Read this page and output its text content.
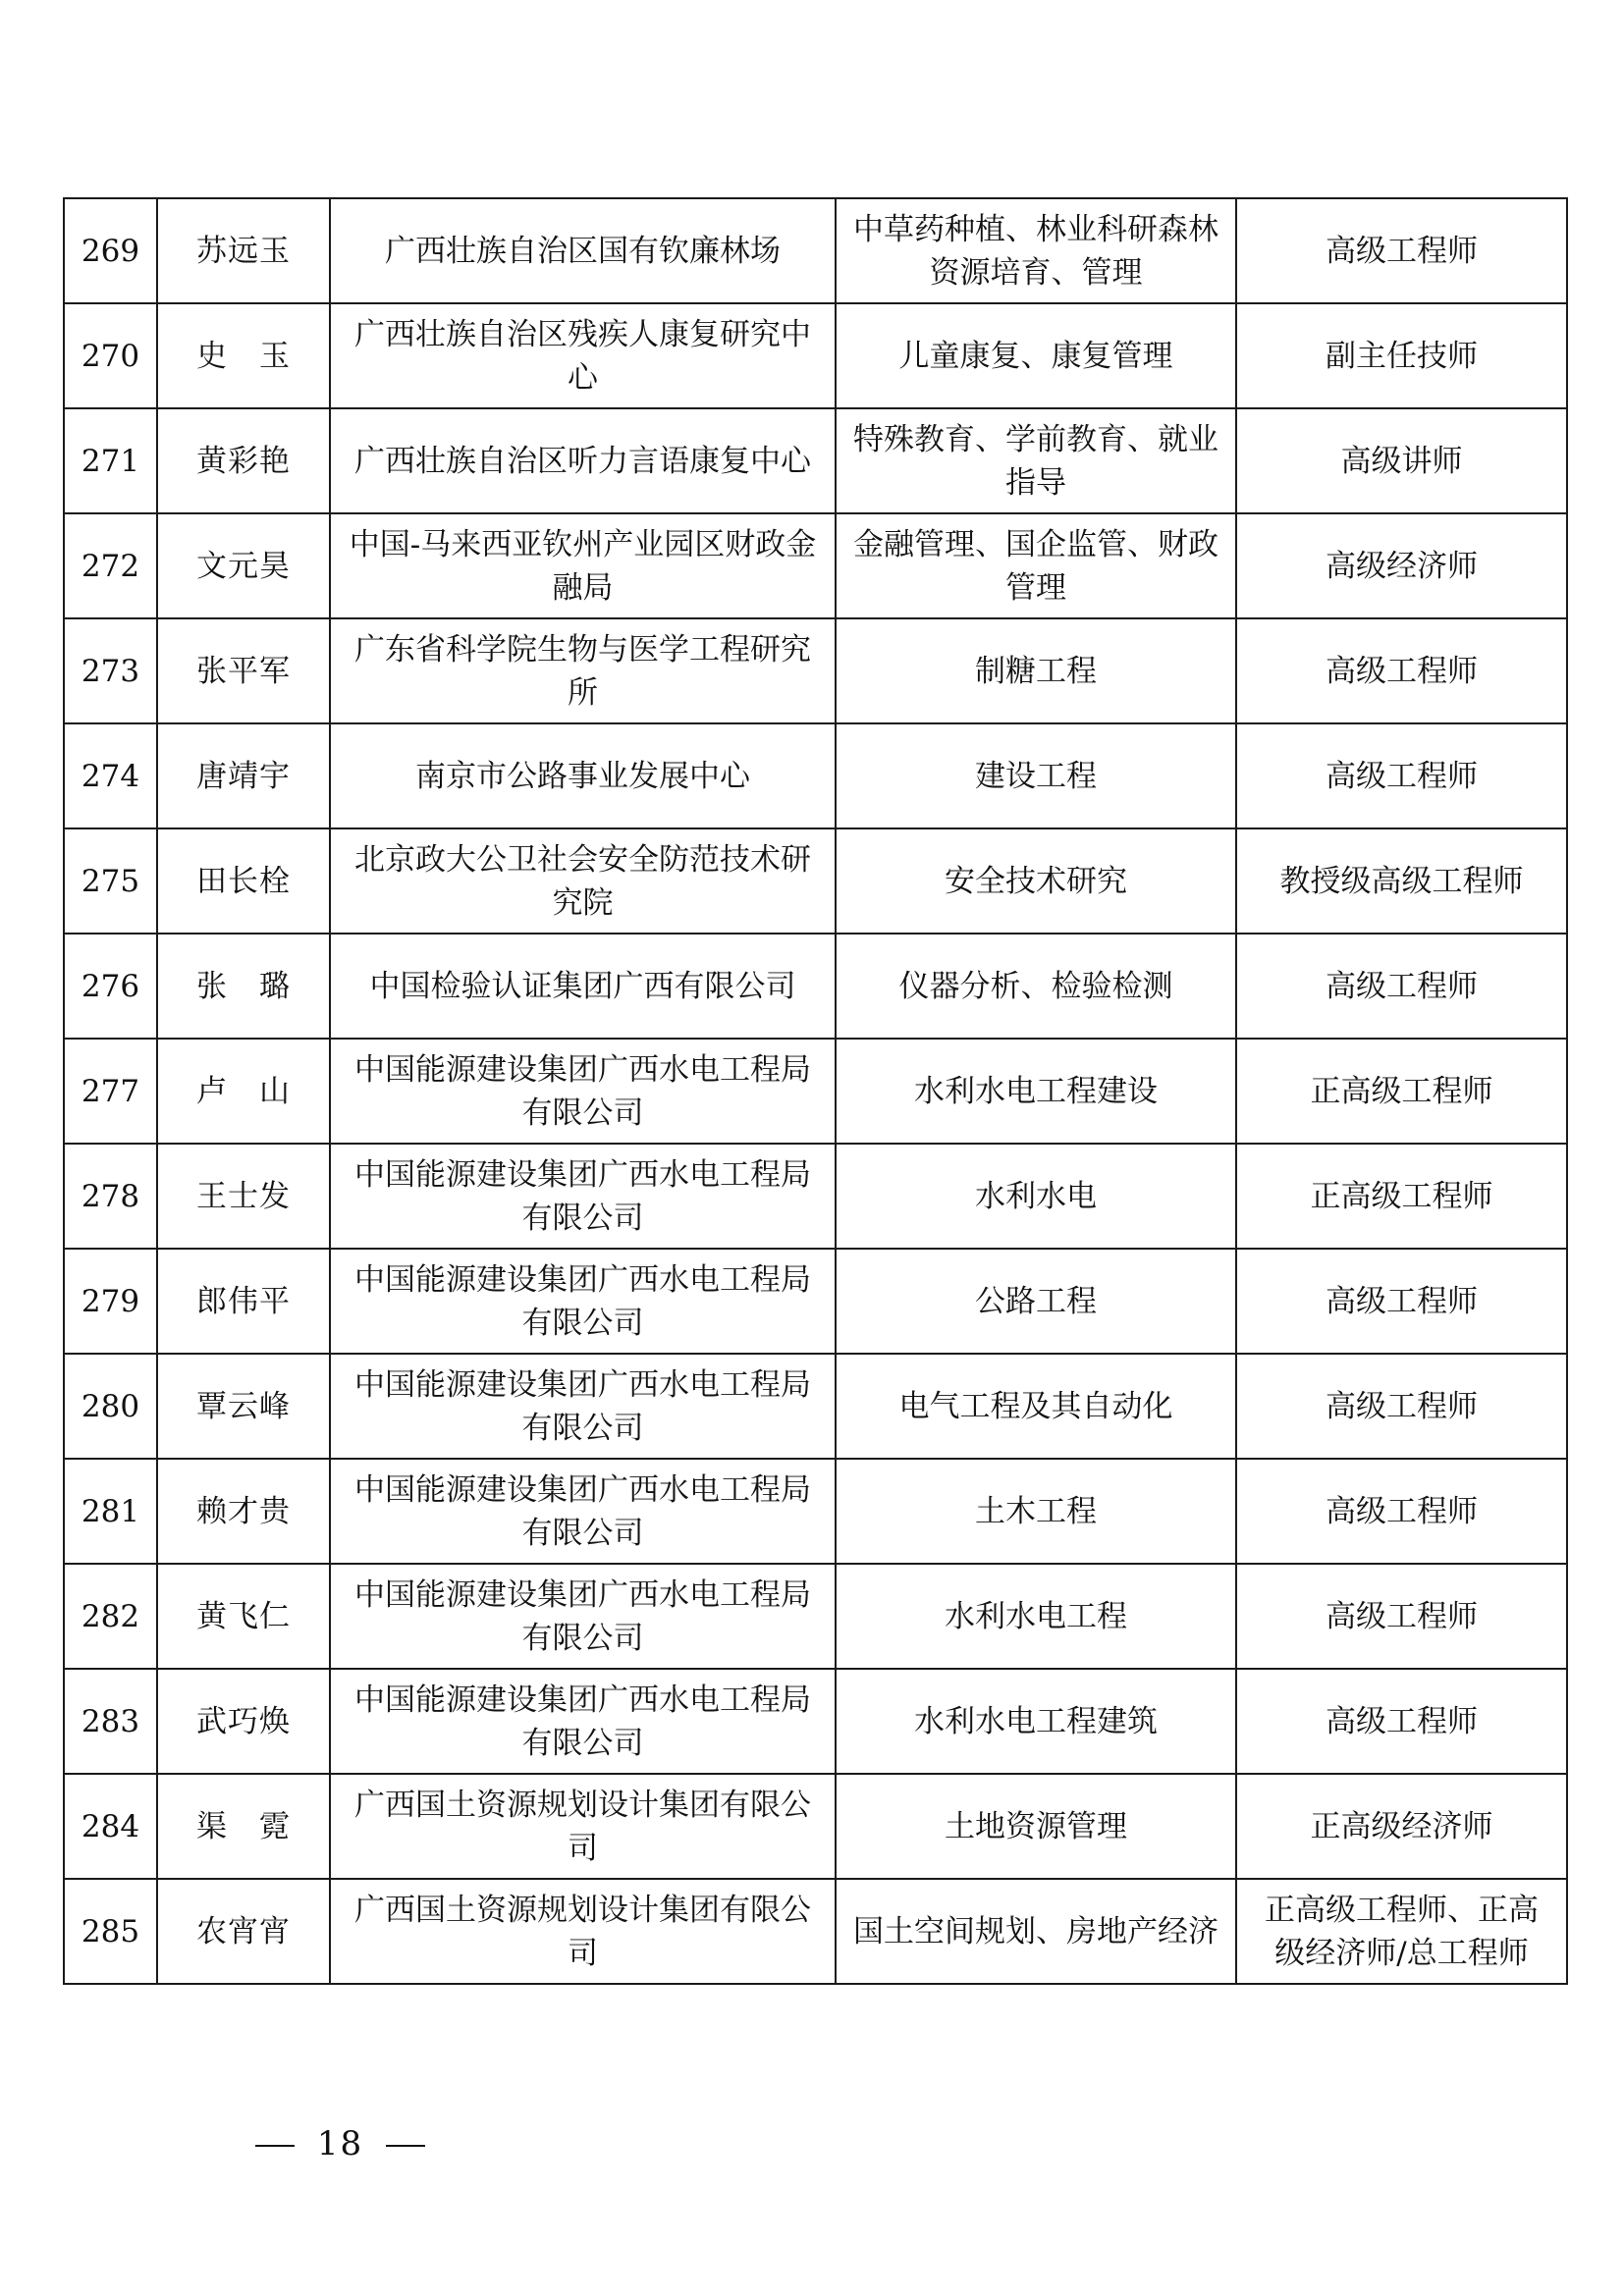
269	苏远玉	广西壮族自治区国有钦廉林场	中草药种植、林业科研森林资源培育、管理	高级工程师
270	史　玉	广西壮族自治区残疾人康复研究中心	儿童康复、康复管理	副主任技师
271	黄彩艳	广西壮族自治区听力言语康复中心	特殊教育、学前教育、就业指导	高级讲师
272	文元昊	中国-马来西亚钦州产业园区财政金融局	金融管理、国企监管、财政管理	高级经济师
273	张平军	广东省科学院生物与医学工程研究所	制糖工程	高级工程师
274	唐靖宇	南京市公路事业发展中心	建设工程	高级工程师
275	田长栓	北京政大公卫社会安全防范技术研究院	安全技术研究	教授级高级工程师
276	张　璐	中国检验认证集团广西有限公司	仪器分析、检验检测	高级工程师
277	卢　山	中国能源建设集团广西水电工程局有限公司	水利水电工程建设	正高级工程师
278	王士发	中国能源建设集团广西水电工程局有限公司	水利水电	正高级工程师
279	郎伟平	中国能源建设集团广西水电工程局有限公司	公路工程	高级工程师
280	覃云峰	中国能源建设集团广西水电工程局有限公司	电气工程及其自动化	高级工程师
281	赖才贵	中国能源建设集团广西水电工程局有限公司	土木工程	高级工程师
282	黄飞仁	中国能源建设集团广西水电工程局有限公司	水利水电工程	高级工程师
283	武巧焕	中国能源建设集团广西水电工程局有限公司	水利水电工程建筑	高级工程师
284	渠　霓	广西国土资源规划设计集团有限公司	土地资源管理	正高级经济师
285	农宵宵	广西国土资源规划设计集团有限公司	国土空间规划、房地产经济	正高级工程师、正高级经济师/总工程师
18
